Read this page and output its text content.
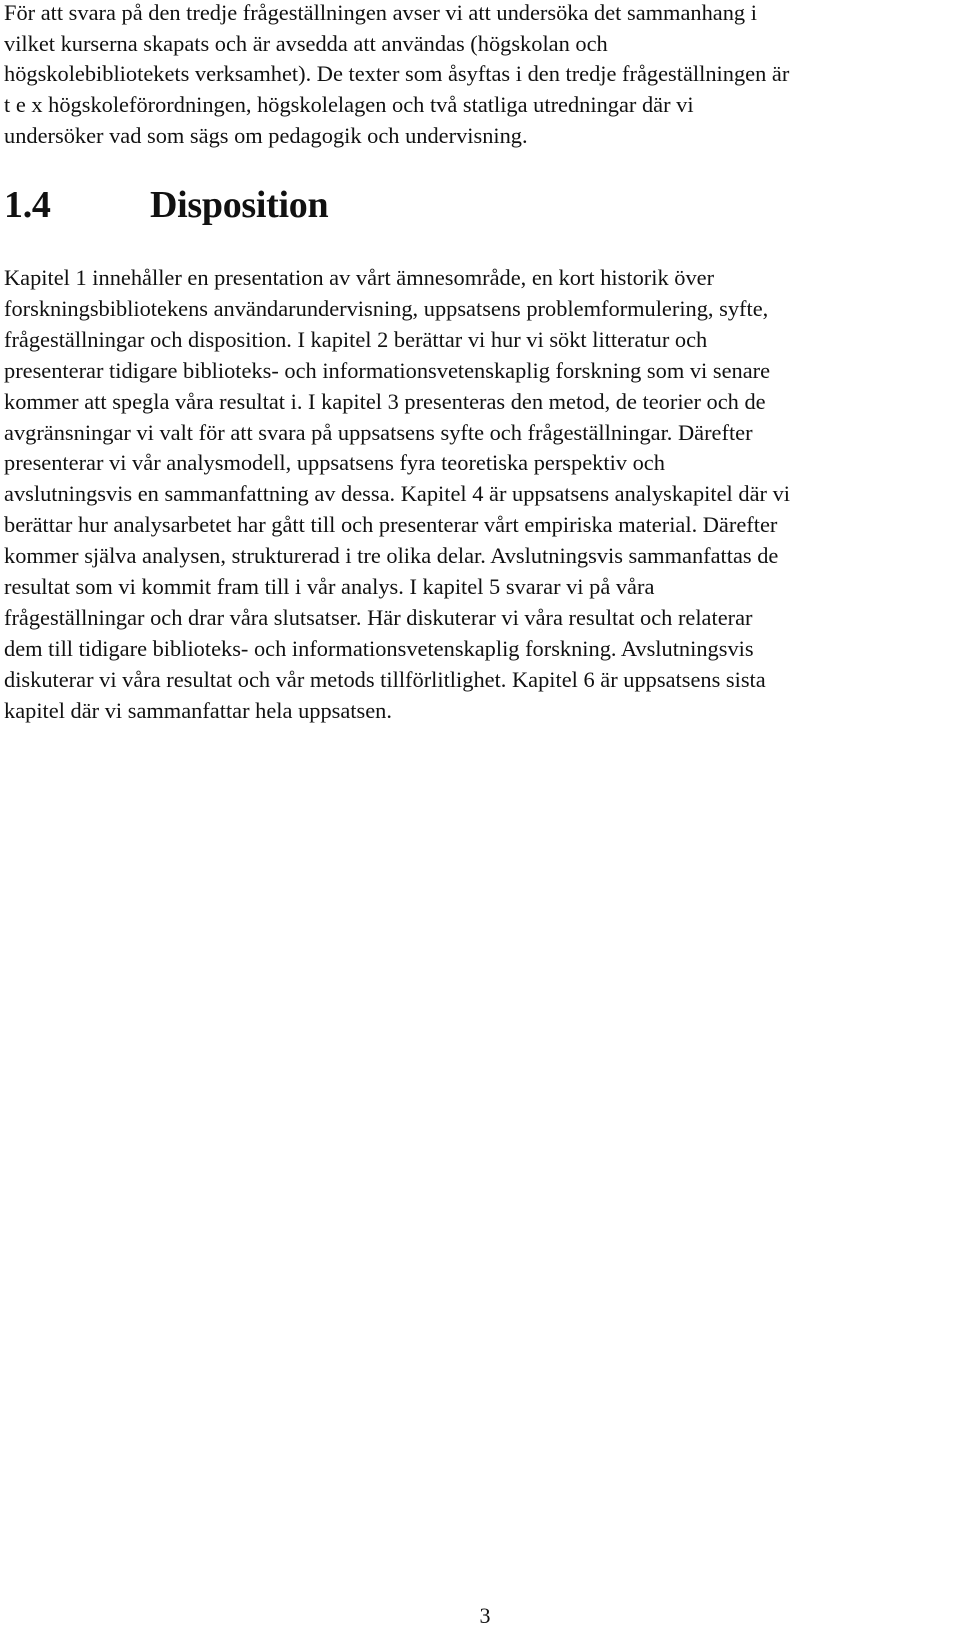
För att svara på den tredje frågeställningen avser vi att undersöka det sammanhang i
vilket kurserna skapats och är avsedda att användas (högskolan och
högskolebibliotekets verksamhet). De texter som åsyftas i den tredje frågeställningen är
t e x högskoleförordningen, högskolelagen och två statliga utredningar där vi
undersöker vad som sägs om pedagogik och undervisning.

1.4	Disposition

Kapitel 1 innehåller en presentation av vårt ämnesområde, en kort historik över
forskningsbibliotekens användarundervisning, uppsatsens problemformulering, syfte,
frågeställningar och disposition. I kapitel 2 berättar vi hur vi sökt litteratur och
presenterar tidigare biblioteks- och informationsvetenskaplig forskning som vi senare
kommer att spegla våra resultat i. I kapitel 3 presenteras den metod, de teorier och de
avgränsningar vi valt för att svara på uppsatsens syfte och frågeställningar. Därefter
presenterar vi vår analysmodell, uppsatsens fyra teoretiska perspektiv och
avslutningsvis en sammanfattning av dessa. Kapitel 4 är uppsatsens analyskapitel där vi
berättar hur analysarbetet har gått till och presenterar vårt empiriska material. Därefter
kommer själva analysen, strukturerad i tre olika delar. Avslutningsvis sammanfattas de
resultat som vi kommit fram till i vår analys. I kapitel 5 svarar vi på våra
frågeställningar och drar våra slutsatser. Här diskuterar vi våra resultat och relaterar
dem till tidigare biblioteks- och informationsvetenskaplig forskning. Avslutningsvis
diskuterar vi våra resultat och vår metods tillförlitlighet. Kapitel 6 är uppsatsens sista
kapitel där vi sammanfattar hela uppsatsen.

3
